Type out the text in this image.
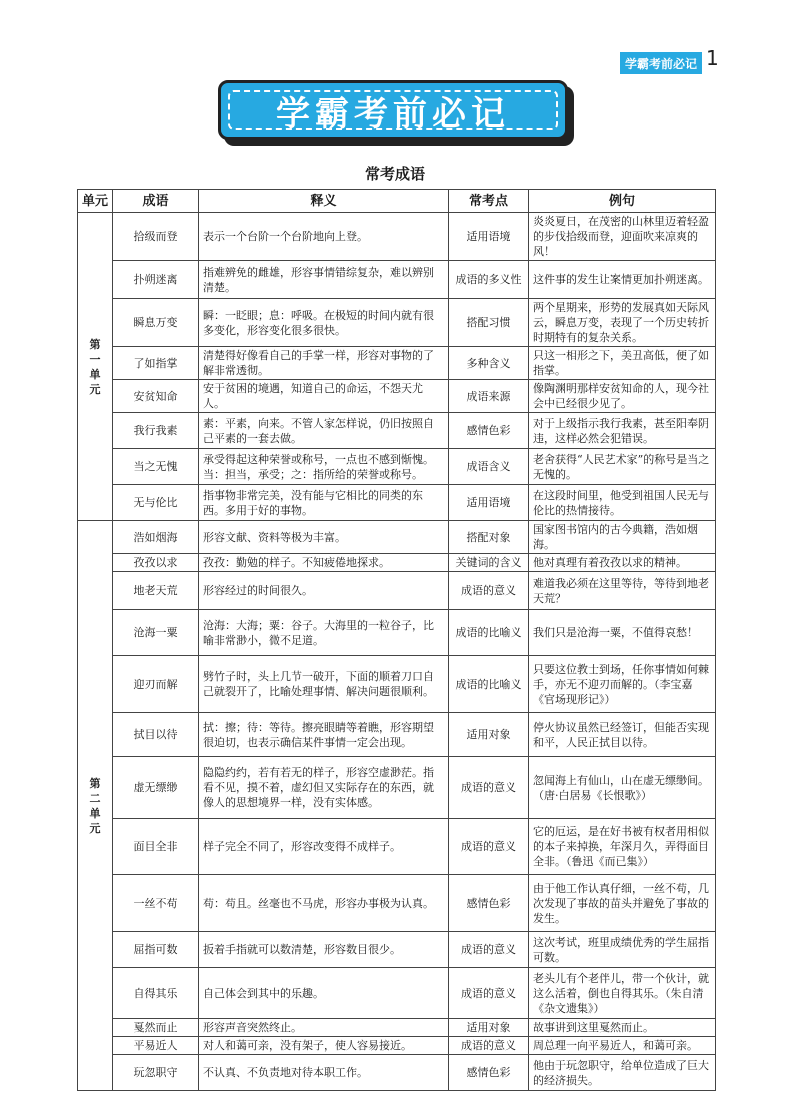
学霸考前必记 1
学霸考前必记
常考成语
单元	成语	释义	常考点	例句
第一单元	拾级而登	表示一个台阶一个台阶地向上登。	适用语境	炎炎夏日，在茂密的山林里迈着轻盈的步伐拾级而登，迎面吹来凉爽的风！
	扑朔迷离	指难辨免的雌雄，形容事情错综复杂，难以辨别清楚。	成语的多义性	这件事的发生让案情更加扑朔迷离。
	瞬息万变	瞬：一眨眼；息：呼吸。在极短的时间内就有很多变化，形容变化很多很快。	搭配习惯	两个星期来，形势的发展真如天际风云，瞬息万变，表现了一个历史转折时期特有的复杂关系。
	了如指掌	清楚得好像看自己的手掌一样，形容对事物的了解非常透彻。	多种含义	只这一相形之下，美丑高低，便了如指掌。
	安贫知命	安于贫困的境遇，知道自己的命运，不怨天尤人。	成语来源	像陶渊明那样安贫知命的人，现今社会中已经很少见了。
	我行我素	素：平素，向来。不管人家怎样说，仍旧按照自己平素的一套去做。	感情色彩	对于上级指示我行我素，甚至阳奉阴违，这样必然会犯错误。
	当之无愧	承受得起这种荣誉或称号，一点也不感到惭愧。当：担当，承受；之：指所给的荣誉或称号。	成语含义	老舍获得“人民艺术家”的称号是当之无愧的。
	无与伦比	指事物非常完美，没有能与它相比的同类的东西。多用于好的事物。	适用语境	在这段时间里，他受到祖国人民无与伦比的热情接待。
第二单元	浩如烟海	形容文献、资料等极为丰富。	搭配对象	国家图书馆内的古今典籍，浩如烟海。
	孜孜以求	孜孜：勤勉的样子。不知疲倦地探求。	关键词的含义	他对真理有着孜孜以求的精神。
	地老天荒	形容经过的时间很久。	成语的意义	难道我必须在这里等待，等待到地老天荒？
	沧海一粟	沧海：大海；粟：谷子。大海里的一粒谷子，比喻非常渺小，微不足道。	成语的比喻义	我们只是沧海一粟，不值得哀愁！
	迎刃而解	劈竹子时，头上几节一破开，下面的顺着刀口自己就裂开了，比喻处理事情、解决问题很顺利。	成语的比喻义	只要这位教士到场，任你事情如何棘手，亦无不迎刃而解的。（李宝嘉《官场现形记》）
	拭目以待	拭：擦；待：等待。擦亮眼睛等着瞧，形容期望很迫切，也表示确信某件事情一定会出现。	适用对象	停火协议虽然已经签订，但能否实现和平，人民正拭目以待。
	虚无缥缈	隐隐约约，若有若无的样子，形容空虚渺茫。指看不见，摸不着，虚幻但又实际存在的东西，就像人的思想境界一样，没有实体感。	成语的意义	忽闻海上有仙山，山在虚无缥缈间。（唐·白居易《长恨歌》）
	面目全非	样子完全不同了，形容改变得不成样子。	成语的意义	它的厄运，是在好书被有权者用相似的本子来掉换，年深月久，弄得面目全非。（鲁迅《而已集》）
	一丝不苟	苟：苟且。丝毫也不马虎，形容办事极为认真。	感情色彩	由于他工作认真仔细，一丝不苟，几次发现了事故的苗头并避免了事故的发生。
	屈指可数	扳着手指就可以数清楚，形容数目很少。	成语的意义	这次考试，班里成绩优秀的学生屈指可数。
	自得其乐	自己体会到其中的乐趣。	成语的意义	老头儿有个老伴儿，带一个伙计，就这么活着，倒也自得其乐。（朱自清《杂文遗集》）
	戛然而止	形容声音突然终止。	适用对象	故事讲到这里戛然而止。
	平易近人	对人和蔼可亲，没有架子，使人容易接近。	成语的意义	周总理一向平易近人，和蔼可亲。
	玩忽职守	不认真、不负责地对待本职工作。	感情色彩	他由于玩忽职守，给单位造成了巨大的经济损失。
